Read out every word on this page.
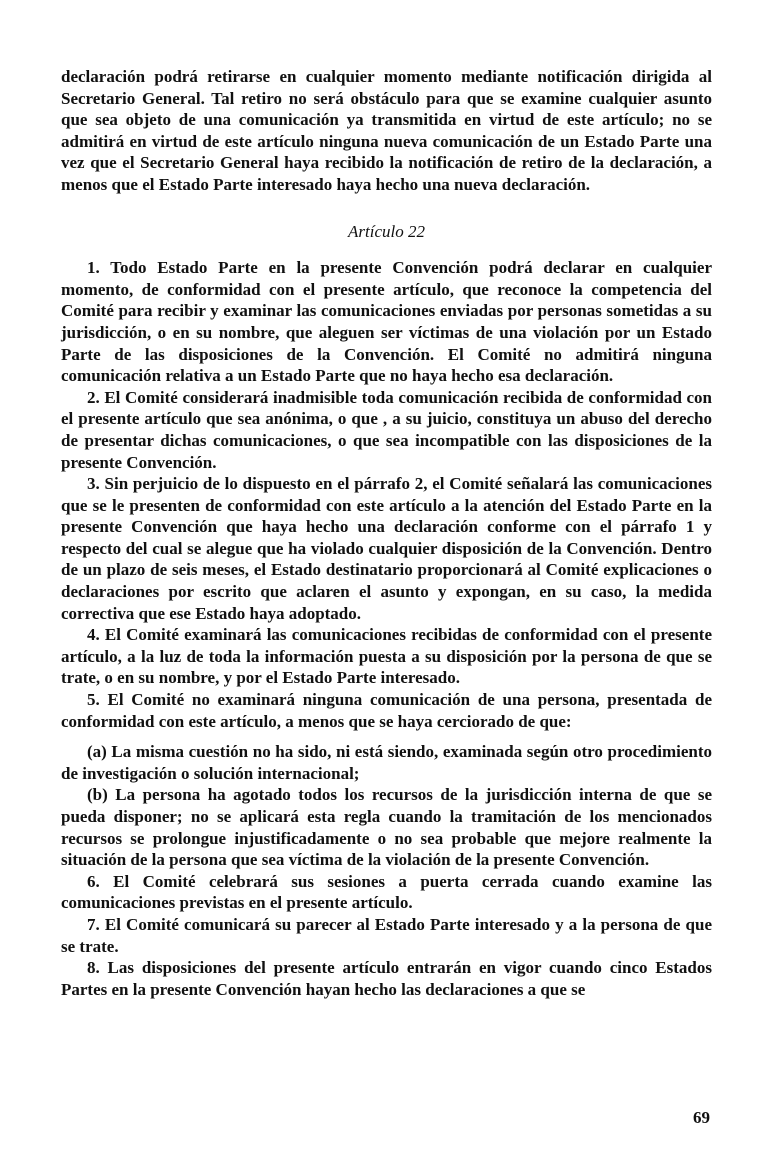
declaración podrá retirarse en cualquier momento mediante notificación dirigida al Secretario General. Tal retiro no será obstáculo para que se examine cualquier asunto que sea objeto de una comunicación ya transmitida en virtud de este artículo; no se admitirá en virtud de este artículo ninguna nueva comunicación de un Estado Parte una vez que el Secretario General haya recibido la notificación de retiro de la declaración, a menos que el Estado Parte interesado haya hecho una nueva declaración.

Artículo 22

1. Todo Estado Parte en la presente Convención podrá declarar en cualquier momento, de conformidad con el presente artículo, que reconoce la competencia del Comité para recibir y examinar las comunicaciones enviadas por personas sometidas a su jurisdicción, o en su nombre, que aleguen ser víctimas de una violación por un Estado Parte de las disposiciones de la Convención. El Comité no admitirá ninguna comunicación relativa a un Estado Parte que no haya hecho esa declaración.

2. El Comité considerará inadmisible toda comunicación recibida de conformidad con el presente artículo que sea anónima, o que , a su juicio, constituya un abuso del derecho de presentar dichas comunicaciones, o que sea incompatible con las disposiciones de la presente Convención.

3. Sin perjuicio de lo dispuesto en el párrafo 2, el Comité señalará las comunicaciones que se le presenten de conformidad con este artículo a la atención del Estado Parte en la presente Convención que haya hecho una declaración conforme con el párrafo 1 y respecto del cual se alegue que ha violado cualquier disposición de la Convención. Dentro de un plazo de seis meses, el Estado destinatario proporcionará al Comité explicaciones o declaraciones por escrito que aclaren el asunto y expongan, en su caso, la medida correctiva que ese Estado haya adoptado.

4. El Comité examinará las comunicaciones recibidas de conformidad con el presente artículo, a la luz de toda la información puesta a su disposición por la persona de que se trate, o en su nombre, y por el Estado Parte interesado.

5. El Comité no examinará ninguna comunicación de una persona, presentada de conformidad con este artículo, a menos que se haya cerciorado de que:

(a) La misma cuestión no ha sido, ni está siendo, examinada según otro procedimiento de investigación o solución internacional;

(b) La persona ha agotado todos los recursos de la jurisdicción interna de que se pueda disponer; no se aplicará esta regla cuando la tramitación de los mencionados recursos se prolongue injustificadamente o no sea probable que mejore realmente la situación de la persona que sea víctima de la violación de la presente Convención.

6. El Comité celebrará sus sesiones a puerta cerrada cuando examine las comunicaciones previstas en el presente artículo.

7. El Comité comunicará su parecer al Estado Parte interesado y a la persona de que se trate.

8. Las disposiciones del presente artículo entrarán en vigor cuando cinco Estados Partes en la presente Convención hayan hecho las declaraciones a que se

69
